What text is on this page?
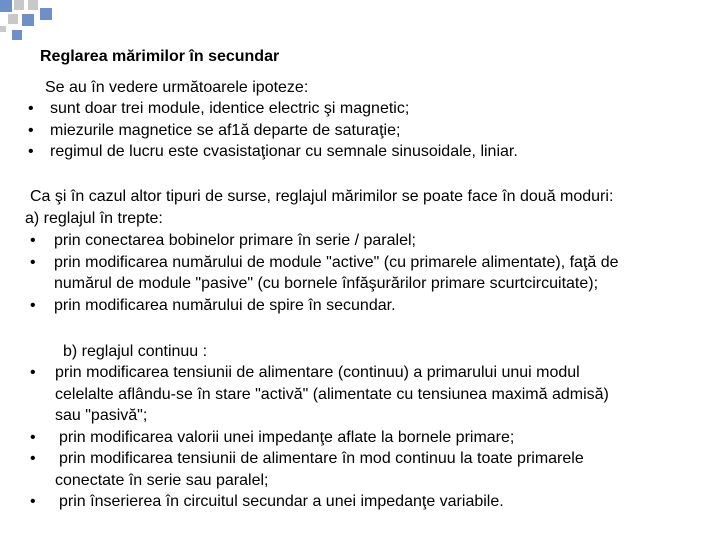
Reglarea mărimilor în secundar
Se au în vedere următoarele ipoteze:
• sunt doar trei module, identice electric şi magnetic;
• miezurile magnetice se af1ă departe de saturaţie;
• regimul de lucru este cvasistaţionar cu semnale sinusoidale, liniar.
Ca şi în cazul altor tipuri de surse, reglajul mărimilor se poate face în două moduri:
a) reglajul în trepte:
• prin conectarea bobinelor primare în serie / paralel;
• prin modificarea numărului de module "active" (cu primarele alimentate), faţă de
numărul de module "pasive" (cu bornele înfăşurărilor primare scurtcircuitate);
• prin modificarea numărului de spire în secundar.
b) reglajul continuu :
• prin modificarea tensiunii de alimentare (continuu) a primarului unui modul
celelalte aflându-se în stare "activă" (alimentate cu tensiunea maximă admisă)
sau "pasivă";
• prin modificarea valorii unei impedanţe aflate la bornele primare;
• prin modificarea tensiunii de alimentare în mod continuu la toate primarele
conectate în serie sau paralel;
• prin înserierea în circuitul secundar a unei impedanţe variabile.
